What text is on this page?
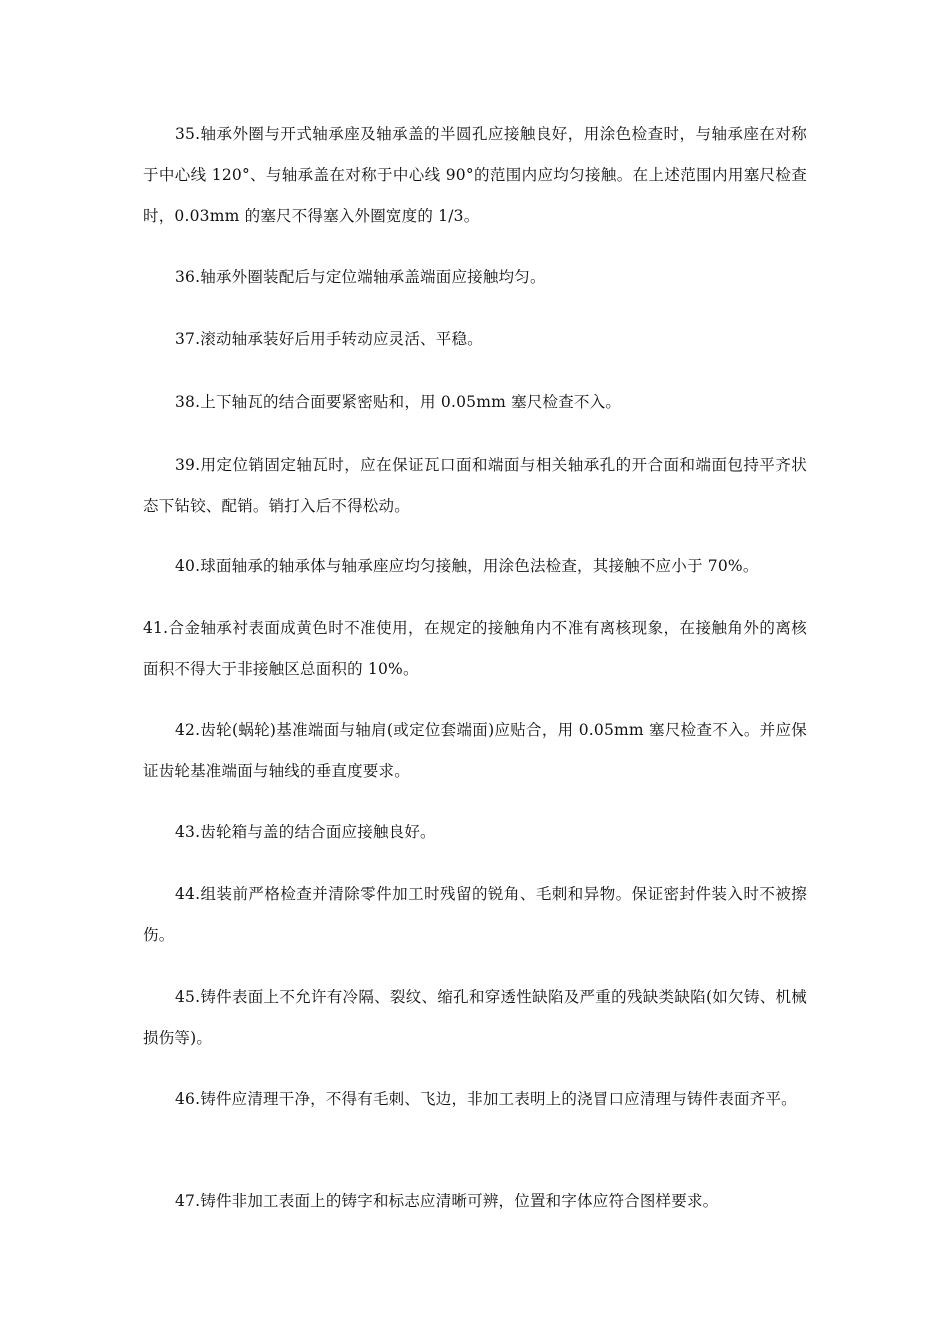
35.轴承外圈与开式轴承座及轴承盖的半圆孔应接触良好，用涂色检查时，与轴承座在对称于中心线 120°、与轴承盖在对称于中心线 90°的范围内应均匀接触。在上述范围内用塞尺检查时，0.03mm 的塞尺不得塞入外圈宽度的 1/3。

36.轴承外圈装配后与定位端轴承盖端面应接触均匀。

37.滚动轴承装好后用手转动应灵活、平稳。

38.上下轴瓦的结合面要紧密贴和，用 0.05mm 塞尺检查不入。

39.用定位销固定轴瓦时，应在保证瓦口面和端面与相关轴承孔的开合面和端面包持平齐状态下钻铰、配销。销打入后不得松动。

40.球面轴承的轴承体与轴承座应均匀接触，用涂色法检查，其接触不应小于 70%。

41.合金轴承衬表面成黄色时不准使用，在规定的接触角内不准有离核现象，在接触角外的离核面积不得大于非接触区总面积的 10%。

42.齿轮(蜗轮)基准端面与轴肩(或定位套端面)应贴合，用 0.05mm 塞尺检查不入。并应保证齿轮基准端面与轴线的垂直度要求。

43.齿轮箱与盖的结合面应接触良好。

44.组装前严格检查并清除零件加工时残留的锐角、毛刺和异物。保证密封件装入时不被擦伤。

45.铸件表面上不允许有冷隔、裂纹、缩孔和穿透性缺陷及严重的残缺类缺陷(如欠铸、机械损伤等)。

46.铸件应清理干净，不得有毛刺、飞边，非加工表明上的浇冒口应清理与铸件表面齐平。

47.铸件非加工表面上的铸字和标志应清晰可辨，位置和字体应符合图样要求。
